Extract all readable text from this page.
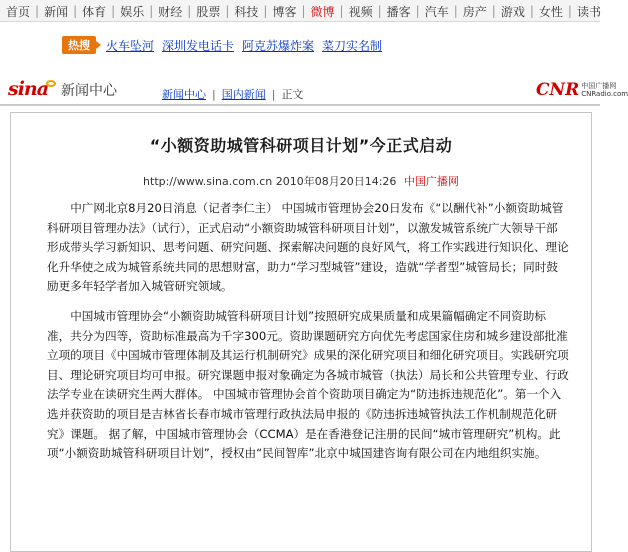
首页 | 新闻 | 体育 | 娱乐 | 财经 | 股票 | 科技 | 博客 | 微博 | 视频 | 播客 | 汽车 | 房产 | 游戏 | 女性 | 读书
热搜	火车坠河 深圳发电话卡 阿克苏爆炸案 菜刀实名制
sina 新闻中心	新闻中心 | 国内新闻 | 正文	CNR 中国广播网
CNRadio.com
“小额资助城管科研项目计划”今正式启动
http://www.sina.com.cn 2010年08月20日14:26 中国广播网

中广网北京8月20日消息（记者李仁主） 中国城市管理协会20日发布《“以酬代补”小额资助城管科研项目管理办法》（试行），正式启动“小额资助城管科研项目计划”，以激发城管系统广大领导干部形成带头学习新知识、思考问题、研究问题、探索解决问题的良好风气，将工作实践进行知识化、理论化升华使之成为城管系统共同的思想财富，助力“学习型城管”建设，造就“学者型”城管局长；同时鼓励更多年轻学者加入城管研究领域。

中国城市管理协会“小额资助城管科研项目计划”按照研究成果质量和成果篇幅确定不同资助标准，共分为四等，资助标准最高为千字300元。资助课题研究方向优先考虑国家住房和城乡建设部批准立项的项目《中国城市管理体制及其运行机制研究》成果的深化研究项目和细化研究项目。实践研究项目、理论研究项目均可申报。研究课题申报对象确定为各城市城管（执法）局长和公共管理专业、行政法学专业在读研究生两大群体。 中国城市管理协会首个资助项目确定为“防违拆违规范化”。第一个入选并获资助的项目是吉林省长春市城市管理行政执法局申报的《防违拆违城管执法工作机制规范化研究》课题。 据了解，中国城市管理协会（CCMA）是在香港登记注册的民间“城市管理研究”机构。此项“小额资助城管科研项目计划”，授权由“民间智库”北京中城国建咨询有限公司在内地组织实施。
